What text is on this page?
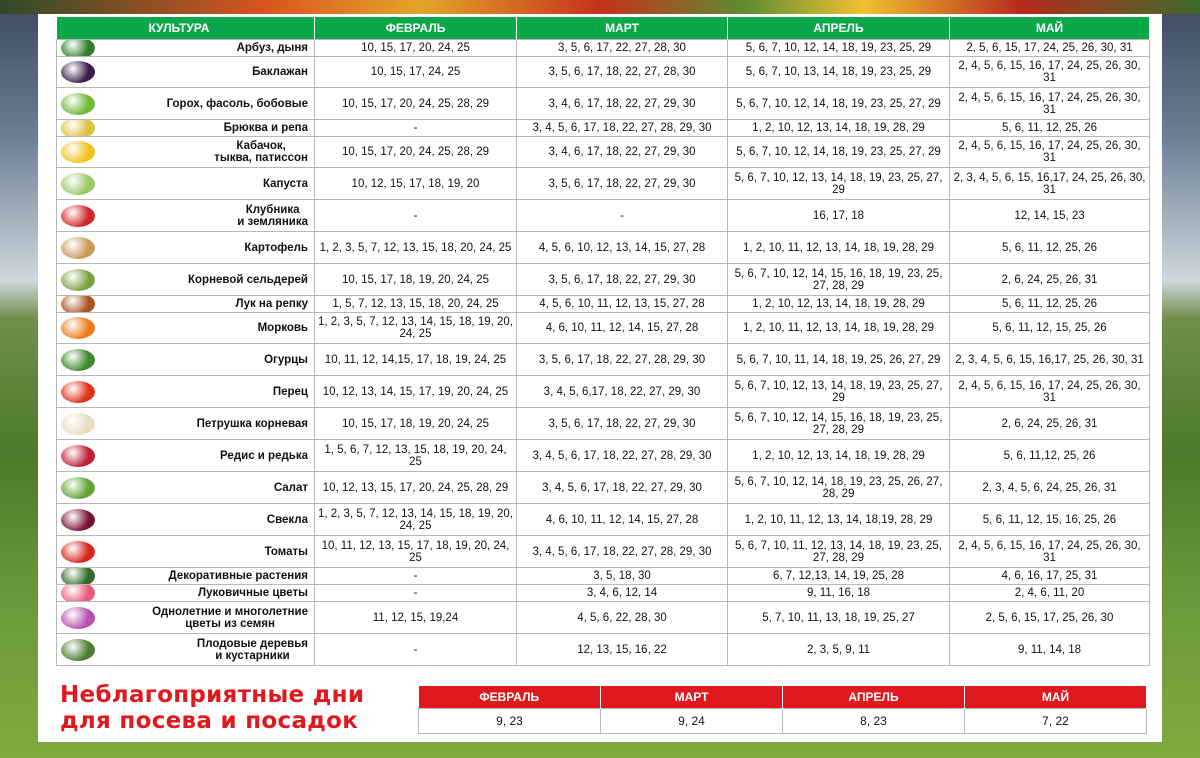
КУЛЬТУРА	ФЕВРАЛЬ	МАРТ	АПРЕЛЬ	МАЙ

Арбуз, дыня	10, 15, 17, 20, 24, 25	3, 5, 6, 17, 22, 27, 28, 30	5, 6, 7, 10, 12, 14, 18, 19, 23, 25, 29	2, 5, 6, 15, 17, 24, 25, 26, 30, 31

Баклажан	10, 15, 17, 24, 25	3, 5, 6, 17, 18, 22, 27, 28, 30	5, 6, 7, 10, 13, 14, 18, 19, 23, 25, 29	2, 4, 5, 6, 15, 16, 17, 24, 25, 26, 30, 31

Горох, фасоль, бобовые	10, 15, 17, 20, 24, 25, 28, 29	3, 4, 6, 17, 18, 22, 27, 29, 30	5, 6, 7, 10, 12, 14, 18, 19, 23, 25, 27, 29	2, 4, 5, 6, 15, 16, 17, 24, 25, 26, 30, 31

Брюква и репа	-	3, 4, 5, 6, 17, 18, 22, 27, 28, 29, 30	1, 2, 10, 12, 13, 14, 18, 19, 28, 29	5, 6, 11, 12, 25, 26

Кабачок,
тыква, патиссон	10, 15, 17, 20, 24, 25, 28, 29	3, 4, 6, 17, 18, 22, 27, 29, 30	5, 6, 7, 10, 12, 14, 18, 19, 23, 25, 27, 29	2, 4, 5, 6, 15, 16, 17, 24, 25, 26, 30, 31

Капуста	10, 12, 15, 17, 18, 19, 20	3, 5, 6, 17, 18, 22, 27, 29, 30	5, 6, 7, 10, 12, 13, 14, 18, 19, 23, 25, 27, 29	2, 3, 4, 5, 6, 15, 16,17, 24, 25, 26, 30, 31

Клубника
и земляника	-	-	16, 17, 18	12, 14, 15, 23

Картофель	1, 2, 3, 5, 7, 12, 13, 15, 18, 20, 24, 25	4, 5, 6, 10, 12, 13, 14, 15, 27, 28	1, 2, 10, 11, 12, 13, 14, 18, 19, 28, 29	5, 6, 11, 12, 25, 26

Корневой сельдерей	10, 15, 17, 18, 19, 20, 24, 25	3, 5, 6, 17, 18, 22, 27, 29, 30	5, 6, 7, 10, 12, 14, 15, 16, 18, 19, 23, 25, 27, 28, 29	2, 6, 24, 25, 26, 31

Лук на репку	1, 5, 7, 12, 13, 15, 18, 20, 24, 25	4, 5, 6, 10, 11, 12, 13, 15, 27, 28	1, 2, 10, 12, 13, 14, 18, 19, 28, 29	5, 6, 11, 12, 25, 26

Морковь	1, 2, 3, 5, 7, 12, 13, 14, 15, 18, 19, 20, 24, 25	4, 6, 10, 11, 12, 14, 15, 27, 28	1, 2, 10, 11, 12, 13, 14, 18, 19, 28, 29	5, 6, 11, 12, 15, 25, 26

Огурцы	10, 11, 12, 14,15, 17, 18, 19, 24, 25	3, 5, 6, 17, 18, 22, 27, 28, 29, 30	5, 6, 7, 10, 11, 14, 18, 19, 25, 26, 27, 29	2, 3, 4, 5, 6, 15, 16,17, 25, 26, 30, 31

Перец	10, 12, 13, 14, 15, 17, 19, 20, 24, 25	3, 4, 5, 6,17, 18, 22, 27, 29, 30	5, 6, 7, 10, 12, 13, 14, 18, 19, 23, 25, 27, 29	2, 4, 5, 6, 15, 16, 17, 24, 25, 26, 30, 31

Петрушка корневая	10, 15, 17, 18, 19, 20, 24, 25	3, 5, 6, 17, 18, 22, 27, 29, 30	5, 6, 7, 10, 12, 14, 15, 16, 18, 19, 23, 25, 27, 28, 29	2, 6, 24, 25, 26, 31

Редис и редька	1, 5, 6, 7, 12, 13, 15, 18, 19, 20, 24, 25	3, 4, 5, 6, 17, 18, 22, 27, 28, 29, 30	1, 2, 10, 12, 13, 14, 18, 19, 28, 29	5, 6, 11,12, 25, 26

Салат	10, 12, 13, 15, 17, 20, 24, 25, 28, 29	3, 4, 5, 6, 17, 18, 22, 27, 29, 30	5, 6, 7, 10, 12, 14, 18, 19, 23, 25, 26, 27, 28, 29	2, 3, 4, 5, 6, 24, 25, 26, 31

Свекла	1, 2, 3, 5, 7, 12, 13, 14, 15, 18, 19, 20, 24, 25	4, 6, 10, 11, 12, 14, 15, 27, 28	1, 2, 10, 11, 12, 13, 14, 18,19, 28, 29	5, 6, 11, 12, 15, 16, 25, 26

Томаты	10, 11, 12, 13, 15, 17, 18, 19, 20, 24, 25	3, 4, 5, 6, 17, 18, 22, 27, 28, 29, 30	5, 6, 7, 10, 11, 12, 13, 14, 18, 19, 23, 25, 27, 28, 29	2, 4, 5, 6, 15, 16, 17, 24, 25, 26, 30, 31

Декоративные растения	-	3, 5, 18, 30	6, 7, 12,13, 14, 19, 25, 28	4, 6, 16, 17, 25, 31

Луковичные цветы	-	3, 4, 6, 12, 14	9, 11, 16, 18	2, 4, 6, 11, 20

Однолетние и многолетние
цветы из семян	11, 12, 15, 19,24	4, 5, 6, 22, 28, 30	5, 7, 10, 11, 13, 18, 19, 25, 27	2, 5, 6, 15, 17, 25, 26, 30

Плодовые деревья
и кустарники	-	12, 13, 15, 16, 22	2, 3, 5, 9, 11	9, 11, 14, 18
Неблагоприятные дни
для посева и посадок
ФЕВРАЛЬ	МАРТ	АПРЕЛЬ	МАЙ
9, 23	9, 24	8, 23	7, 22
